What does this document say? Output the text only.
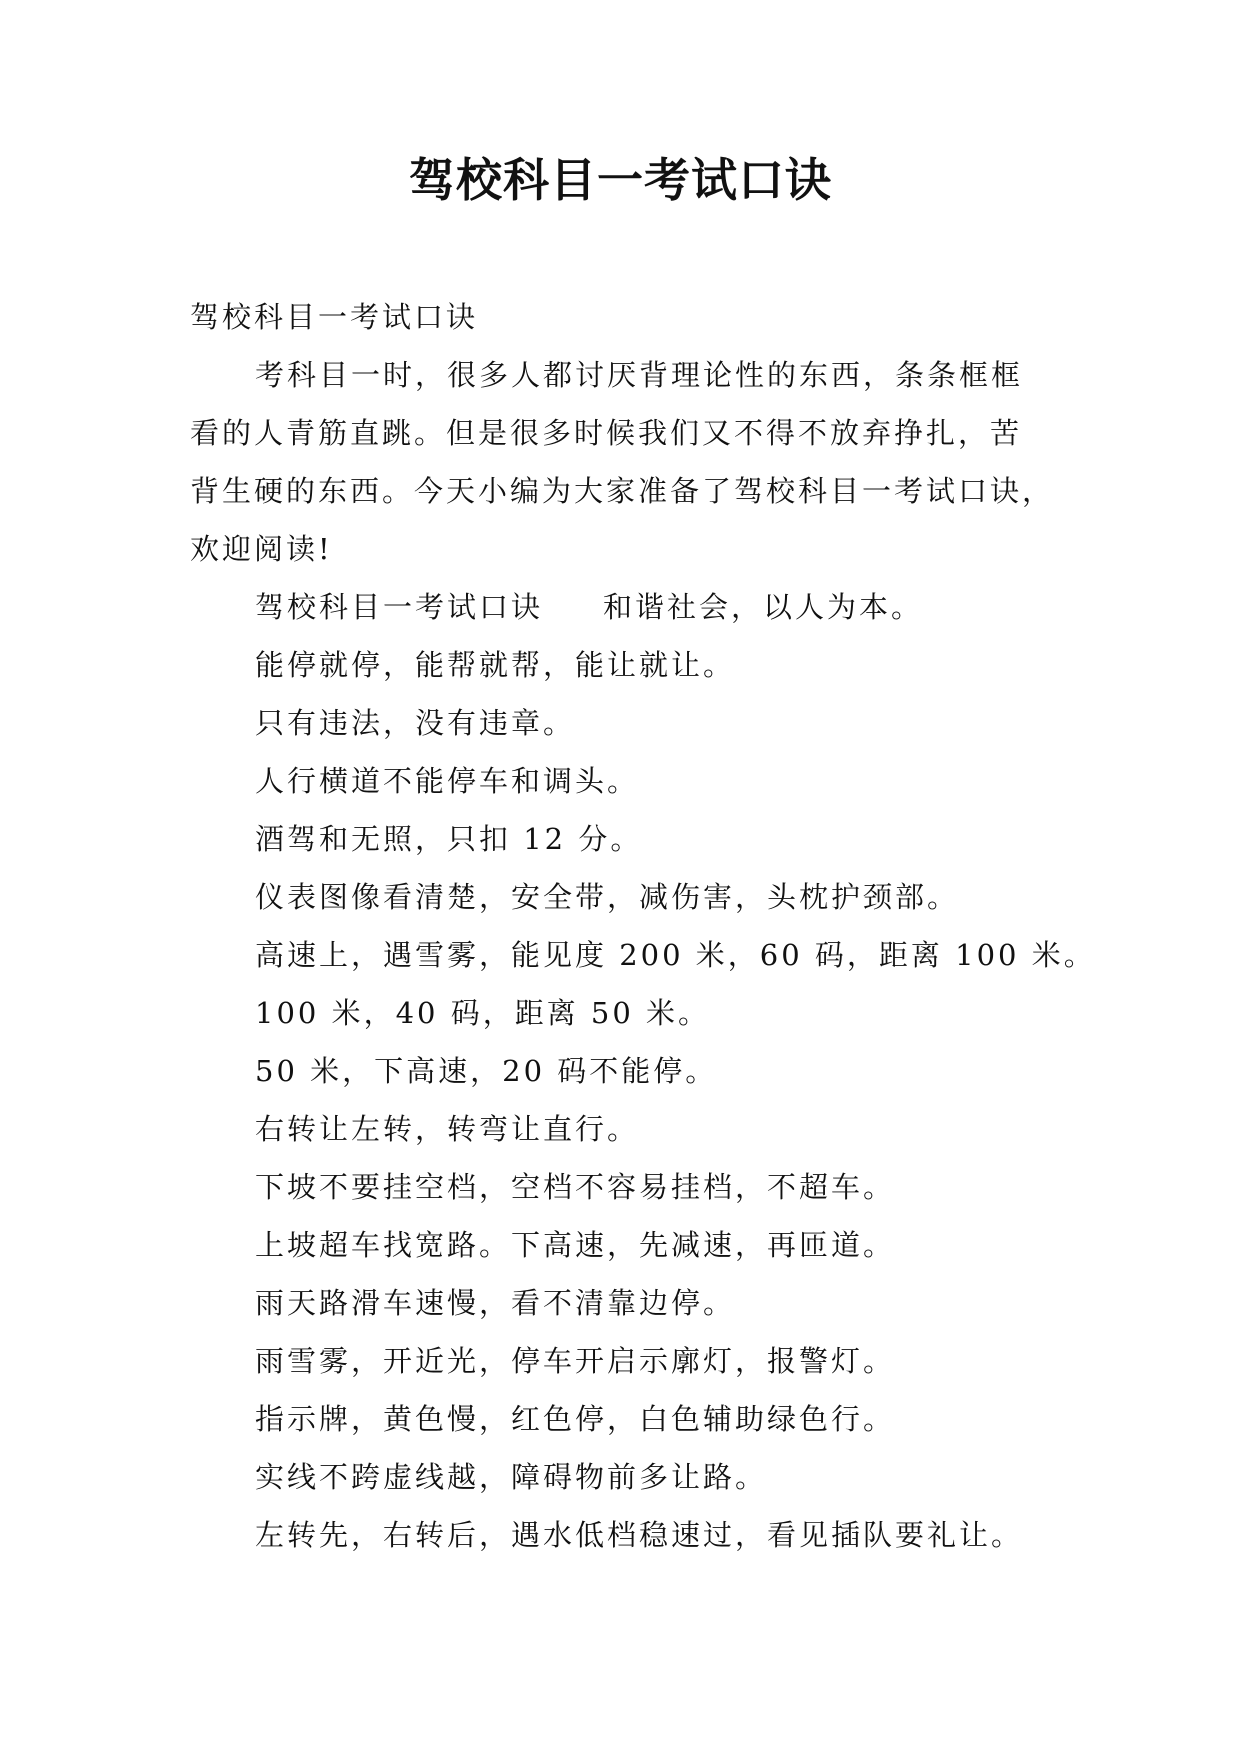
驾校科目一考试口诀
驾校科目一考试口诀
考科目一时，很多人都讨厌背理论性的东西，条条框框
看的人青筋直跳。但是很多时候我们又不得不放弃挣扎，苦
背生硬的东西。今天小编为大家准备了驾校科目一考试口诀，
欢迎阅读!
驾校科目一考试口诀 和谐社会，以人为本。
能停就停，能帮就帮，能让就让。
只有违法，没有违章。
人行横道不能停车和调头。
酒驾和无照，只扣 12 分。
仪表图像看清楚，安全带，减伤害，头枕护颈部。
高速上，遇雪雾，能见度 200 米，60 码，距离 100 米。
100 米，40 码，距离 50 米。
50 米，下高速，20 码不能停。
右转让左转，转弯让直行。
下坡不要挂空档，空档不容易挂档，不超车。
上坡超车找宽路。下高速，先减速，再匝道。
雨天路滑车速慢，看不清靠边停。
雨雪雾，开近光，停车开启示廓灯，报警灯。
指示牌，黄色慢，红色停，白色辅助绿色行。
实线不跨虚线越，障碍物前多让路。
左转先，右转后，遇水低档稳速过，看见插队要礼让。
